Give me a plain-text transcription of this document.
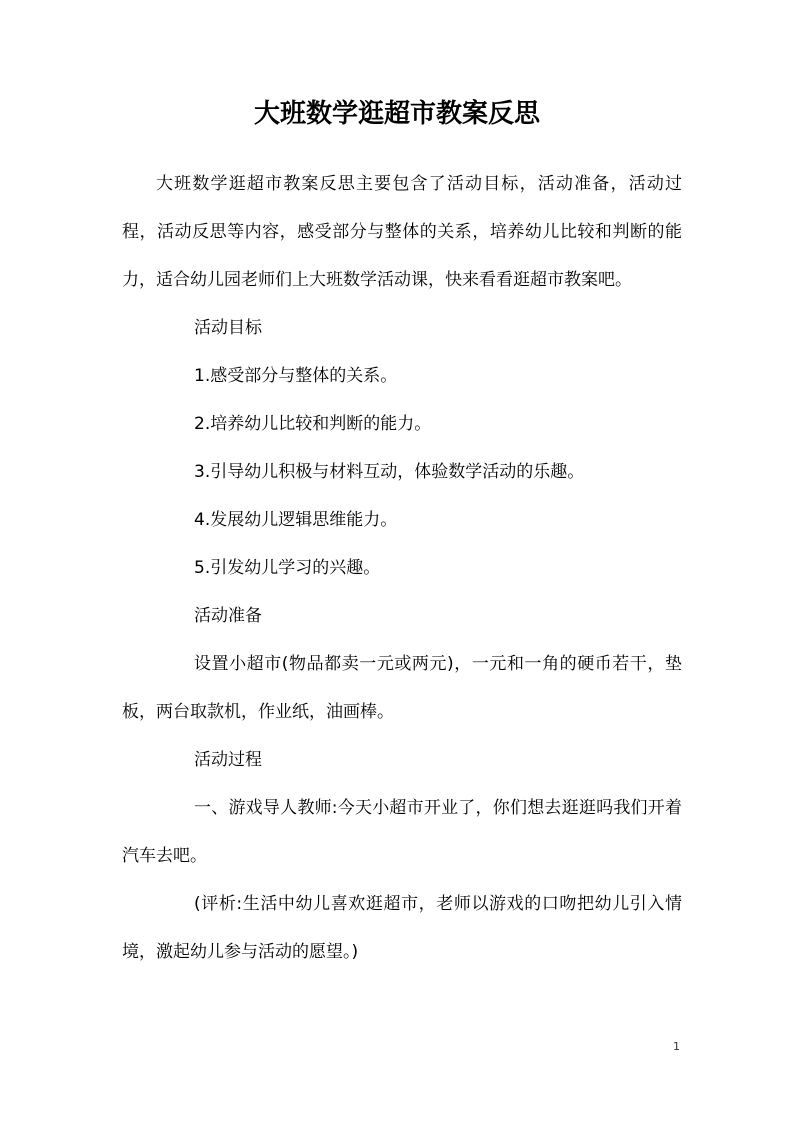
大班数学逛超市教案反思

大班数学逛超市教案反思主要包含了活动目标，活动准备，活动过程，活动反思等内容，感受部分与整体的关系，培养幼儿比较和判断的能力，适合幼儿园老师们上大班数学活动课，快来看看逛超市教案吧。

活动目标

1.感受部分与整体的关系。

2.培养幼儿比较和判断的能力。

3.引导幼儿积极与材料互动，体验数学活动的乐趣。

4.发展幼儿逻辑思维能力。

5.引发幼儿学习的兴趣。

活动准备

设置小超市(物品都卖一元或两元)，一元和一角的硬币若干，垫板，两台取款机，作业纸，油画棒。

活动过程

一、游戏导人教师:今天小超市开业了，你们想去逛逛吗我们开着汽车去吧。

(评析:生活中幼儿喜欢逛超市，老师以游戏的口吻把幼儿引入情境，激起幼儿参与活动的愿望。)

1
